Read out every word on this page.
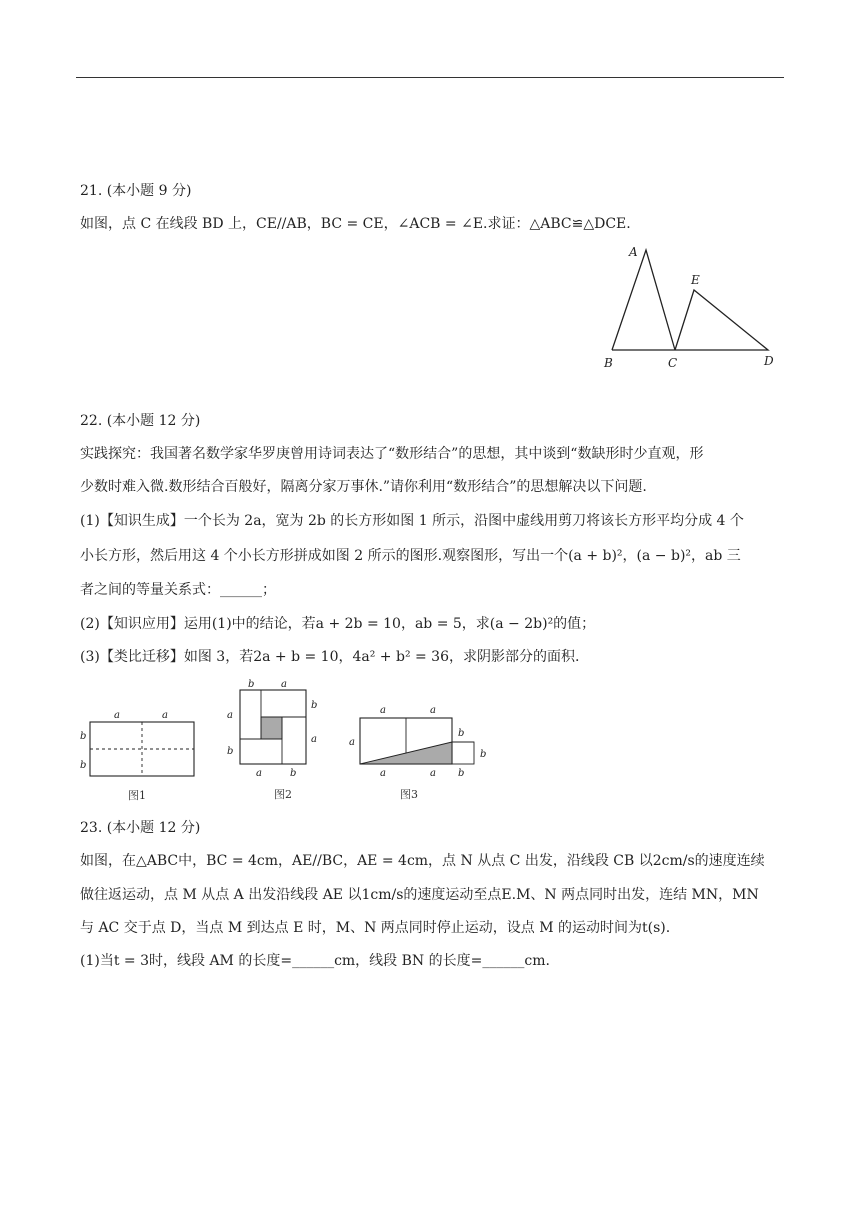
21. (本小题 9 分)
如图，点 C 在线段 BD 上，CE//AB，BC = CE，∠ACB = ∠E.求证：△ABC≌△DCE.
A
B	C	D
E
22. (本小题 12 分)
实践探究：我国著名数学家华罗庚曾用诗词表达了“数形结合”的思想，其中谈到“数缺形时少直观，形
少数时难入微.数形结合百般好，隔离分家万事休.”请你利用“数形结合”的思想解决以下问题.
(1)【知识生成】一个长为 2a，宽为 2b 的长方形如图 1 所示，沿图中虚线用剪刀将该长方形平均分成 4 个
小长方形，然后用这 4 个小长方形拼成如图 2 所示的图形.观察图形，写出一个(a + b)²，(a − b)²，ab 三
者之间的等量关系式：______；
(2)【知识应用】运用(1)中的结论，若a + 2b = 10，ab = 5，求(a − 2b)²的值；
(3)【类比迁移】如图 3，若2a + b = 10，4a² + b² = 36，求阴影部分的面积.
a	a
b
b
图1
b	a
a
b
b
a
a	b
图2
a	a
a
b
b
a	a b
图3
23. (本小题 12 分)
如图，在△ABC中，BC = 4cm，AE//BC，AE = 4cm，点 N 从点 C 出发，沿线段 CB 以2cm/s的速度连续
做往返运动，点 M 从点 A 出发沿线段 AE 以1cm/s的速度运动至点E.M、N 两点同时出发，连结 MN，MN
与 AC 交于点 D，当点 M 到达点 E 时，M、N 两点同时停止运动，设点 M 的运动时间为t(s).
(1)当t = 3时，线段 AM 的长度=______cm，线段 BN 的长度=______cm.
